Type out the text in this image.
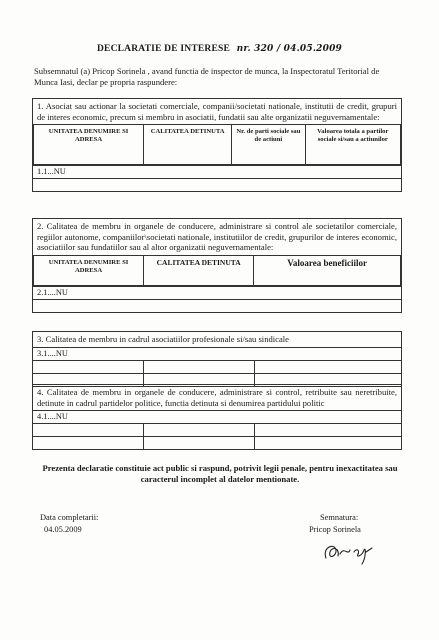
DECLARATIE DE INTERESE nr. 320 / 04.05.2009
Subsemnatul (a) Pricop Sorinela , avand functia de inspector de munca, la Inspectoratul Teritorial de Munca Iasi, declar pe propria raspundere:
1. Asociat sau actionar la societati comerciale, companii/societati nationale, institutii de credit, grupuri de interes economic, precum si membru in asociatii, fundatii sau alte organizatii neguvernamentale:
UNITATEA DENUMIRE SI ADRESA	CALITATEA DETINUTA	Nr. de parti sociale sau de actiuni	Valoarea totala a partilor sociale si/sau a actiunilor
1.1...NU
2. Calitatea de membru in organele de conducere, administrare si control ale societatilor comerciale, regiilor autonome, companiilor\societati nationale, institutiilor de credit, grupurilor de interes economic, asociatiilor sau fundatiilor sau al altor organizatii neguvernamentale:
UNITATEA DENUMIRE SI ADRESA	CALITATEA DETINUTA	Valoarea beneficiilor
2.1....NU
3. Calitatea de membru in cadrul asociatiilor profesionale si/sau sindicale
3.1....NU
4. Calitatea de membru in organele de conducere, administrare si control, retribuite sau neretribuite, detinute in cadrul partidelor politice, functia detinuta si denumirea partidului politic
4.1....NU
Prezenta declaratie constituie act public si raspund, potrivit legii penale, pentru inexactitatea sau caracterul incomplet al datelor mentionate.
Data completarii:
04.05.2009
Semnatura:
Pricop Sorinela
